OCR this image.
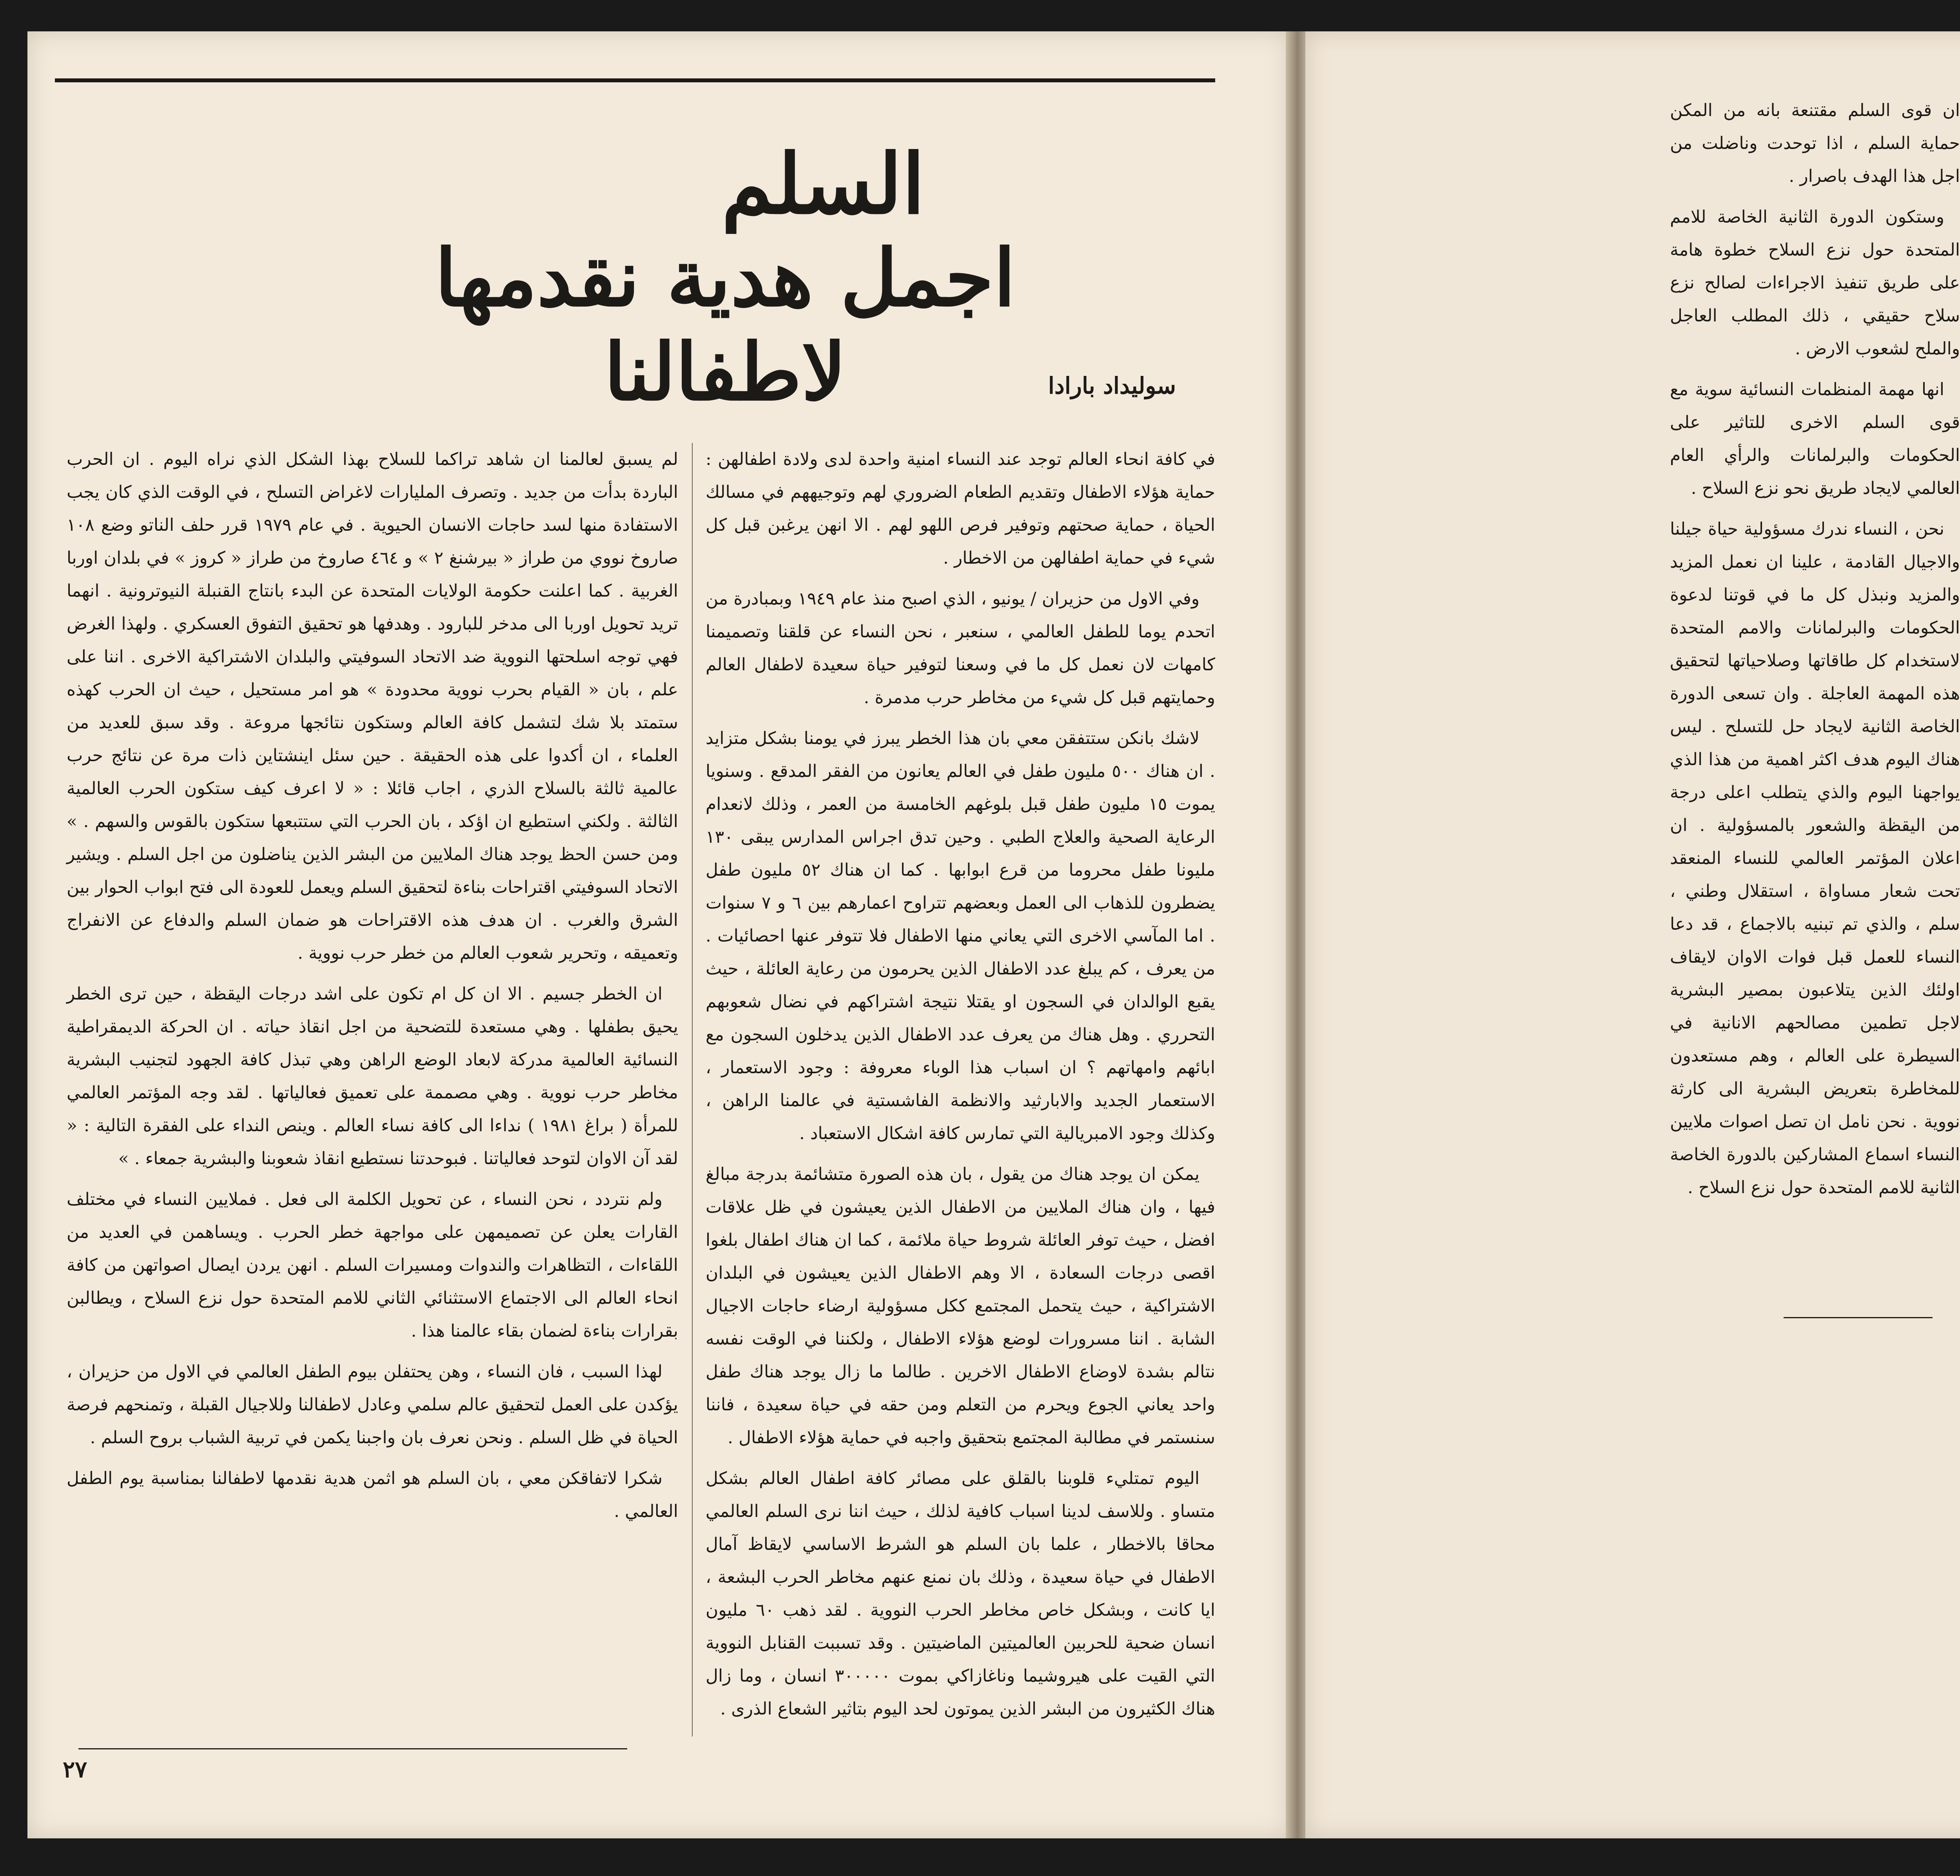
السلم
اجمل هدية نقدمها لاطفالنا	سوليداد بارادا

في كافة انحاء العالم توجد عند النساء امنية واحدة لدى ولادة اطفالهن : حماية هؤلاء الاطفال وتقديم الطعام الضروري لهم وتوجيههم في مسالك الحياة ، حماية صحتهم وتوفير فرص اللهو لهم . الا انهن يرغبن قبل كل شيء في حماية اطفالهن من الاخطار .

وفي الاول من حزيران / يونيو ، الذي اصبح منذ عام ١٩٤٩ وبمبادرة من اتحدم يوما للطفل العالمي ، سنعبر ، نحن النساء عن قلقنا وتصميمنا كامهات لان نعمل كل ما في وسعنا لتوفير حياة سعيدة لاطفال العالم وحمايتهم قبل كل شيء من مخاطر حرب مدمرة .

لاشك بانكن ستتفقن معي بان هذا الخطر يبرز في يومنا بشكل متزايد . ان هناك ٥٠٠ مليون طفل في العالم يعانون من الفقر المدقع . وسنويا يموت ١٥ مليون طفل قبل بلوغهم الخامسة من العمر ، وذلك لانعدام الرعاية الصحية والعلاج الطبي . وحين تدق اجراس المدارس يبقى ١٣٠ مليونا طفل محروما من قرع ابوابها . كما ان هناك ٥٢ مليون طفل يضطرون للذهاب الى العمل وبعضهم تتراوح اعمارهم بين ٦ و ٧ سنوات . اما المآسي الاخرى التي يعاني منها الاطفال فلا تتوفر عنها احصائيات . من يعرف ، كم يبلغ عدد الاطفال الذين يحرمون من رعاية العائلة ، حيث يقبع الوالدان في السجون او يقتلا نتيجة اشتراكهم في نضال شعوبهم التحرري . وهل هناك من يعرف عدد الاطفال الذين يدخلون السجون مع ابائهم وامهاتهم ؟ ان اسباب هذا الوباء معروفة : وجود الاستعمار ، الاستعمار الجديد والابارثيد والانظمة الفاشستية في عالمنا الراهن ، وكذلك وجود الامبريالية التي تمارس كافة اشكال الاستعباد .

يمكن ان يوجد هناك من يقول ، بان هذه الصورة متشائمة بدرجة مبالغ فيها ، وان هناك الملايين من الاطفال الذين يعيشون في ظل علاقات افضل ، حيث توفر العائلة شروط حياة ملائمة ، كما ان هناك اطفال بلغوا اقصى درجات السعادة ، الا وهم الاطفال الذين يعيشون في البلدان الاشتراكية ، حيث يتحمل المجتمع ككل مسؤولية ارضاء حاجات الاجيال الشابة . اننا مسرورات لوضع هؤلاء الاطفال ، ولكننا في الوقت نفسه نتالم بشدة لاوضاع الاطفال الاخرين . طالما ما زال يوجد هناك طفل واحد يعاني الجوع ويحرم من التعلم ومن حقه في حياة سعيدة ، فاننا سنستمر في مطالبة المجتمع بتحقيق واجبه في حماية هؤلاء الاطفال .

اليوم تمتليء قلوبنا بالقلق على مصائر كافة اطفال العالم بشكل متساو . وللاسف لدينا اسباب كافية لذلك ، حيث اننا نرى السلم العالمي محاقا بالاخطار ، علما بان السلم هو الشرط الاساسي لايقاظ آمال الاطفال في حياة سعيدة ، وذلك بان نمنع عنهم مخاطر الحرب البشعة ، ايا كانت ، وبشكل خاص مخاطر الحرب النووية . لقد ذهب ٦٠ مليون انسان ضحية للحربين العالميتين الماضيتين . وقد تسببت القنابل النووية التي القيت على هيروشيما وناغازاكي بموت ٣٠٠٠٠٠ انسان ، وما زال هناك الكثيرون من البشر الذين يموتون لحد اليوم بتاثير الشعاع الذرى .

لم يسبق لعالمنا ان شاهد تراكما للسلاح بهذا الشكل الذي نراه اليوم . ان الحرب الباردة بدأت من جديد . وتصرف المليارات لاغراض التسلح ، في الوقت الذي كان يجب الاستفادة منها لسد حاجات الانسان الحيوية . في عام ١٩٧٩ قرر حلف الناتو وضع ١٠٨ صاروخ نووي من طراز « بيرشنغ ٢ » و ٤٦٤ صاروخ من طراز « كروز » في بلدان اوربا الغربية . كما اعلنت حكومة الولايات المتحدة عن البدء بانتاج القنبلة النيوترونية . انهما تريد تحويل اوربا الى مدخر للبارود . وهدفها هو تحقيق التفوق العسكري . ولهذا الغرض فهي توجه اسلحتها النووية ضد الاتحاد السوفيتي والبلدان الاشتراكية الاخرى . اننا على علم ، بان « القيام بحرب نووية محدودة » هو امر مستحيل ، حيث ان الحرب كهذه ستمتد بلا شك لتشمل كافة العالم وستكون نتائجها مروعة . وقد سبق للعديد من العلماء ، ان أكدوا على هذه الحقيقة . حين سئل اينشتاين ذات مرة عن نتائج حرب عالمية ثالثة بالسلاح الذري ، اجاب قائلا : « لا اعرف كيف ستكون الحرب العالمية الثالثة . ولكني استطيع ان اؤكد ، بان الحرب التي ستتبعها ستكون بالقوس والسهم . » ومن حسن الحظ يوجد هناك الملايين من البشر الذين يناضلون من اجل السلم . ويشير الاتحاد السوفيتي اقتراحات بناءة لتحقيق السلم ويعمل للعودة الى فتح ابواب الحوار بين الشرق والغرب . ان هدف هذه الاقتراحات هو ضمان السلم والدفاع عن الانفراج وتعميقه ، وتحرير شعوب العالم من خطر حرب نووية .

ان الخطر جسيم . الا ان كل ام تكون على اشد درجات اليقظة ، حين ترى الخطر يحيق بطفلها . وهي مستعدة للتضحية من اجل انقاذ حياته . ان الحركة الديمقراطية النسائية العالمية مدركة لابعاد الوضع الراهن وهي تبذل كافة الجهود لتجنيب البشرية مخاطر حرب نووية . وهي مصممة على تعميق فعالياتها . لقد وجه المؤتمر العالمي للمرأة ( براغ ١٩٨١ ) نداءا الى كافة نساء العالم . وينص النداء على الفقرة التالية : « لقد آن الاوان لتوحد فعالياتنا . فبوحدتنا نستطيع انقاذ شعوبنا والبشرية جمعاء . »

ولم نتردد ، نحن النساء ، عن تحويل الكلمة الى فعل . فملايين النساء في مختلف القارات يعلن عن تصميمهن على مواجهة خطر الحرب . ويساهمن في العديد من اللقاءات ، التظاهرات والندوات ومسيرات السلم . انهن يردن ايصال اصواتهن من كافة انحاء العالم الى الاجتماع الاستثنائي الثاني للامم المتحدة حول نزع السلاح ، ويطالبن بقرارات بناءة لضمان بقاء عالمنا هذا .

لهذا السبب ، فان النساء ، وهن يحتفلن بيوم الطفل العالمي في الاول من حزيران ، يؤكدن على العمل لتحقيق عالم سلمي وعادل لاطفالنا وللاجيال القبلة ، وتمنحهم فرصة الحياة في ظل السلم . ونحن نعرف بان واجبنا يكمن في تربية الشباب بروح السلم .

شكرا لاتفاقكن معي ، بان السلم هو اثمن هدية نقدمها لاطفالنا بمناسبة يوم الطفل العالمي .

٢٧

ان قوى السلم مقتنعة بانه من المكن حماية السلم ، اذا توحدت وناضلت من اجل هذا الهدف باصرار .

وستكون الدورة الثانية الخاصة للامم المتحدة حول نزع السلاح خطوة هامة على طريق تنفيذ الاجراءات لصالح نزع سلاح حقيقي ، ذلك المطلب العاجل والملح لشعوب الارض .

انها مهمة المنظمات النسائية سوية مع قوى السلم الاخرى للتاثير على الحكومات والبرلمانات والرأي العام العالمي لايجاد طريق نحو نزع السلاح .

نحن ، النساء ندرك مسؤولية حياة جيلنا والاجيال القادمة ، علينا ان نعمل المزيد والمزيد ونبذل كل ما في قوتنا لدعوة الحكومات والبرلمانات والامم المتحدة لاستخدام كل طاقاتها وصلاحياتها لتحقيق هذه المهمة العاجلة . وان تسعى الدورة الخاصة الثانية لايجاد حل للتسلح . ليس هناك اليوم هدف اكثر اهمية من هذا الذي يواجهنا اليوم والذي يتطلب اعلى درجة من اليقظة والشعور بالمسؤولية . ان اعلان المؤتمر العالمي للنساء المنعقد تحت شعار مساواة ، استقلال وطني ، سلم ، والذي تم تبنيه بالاجماع ، قد دعا النساء للعمل قبل فوات الاوان لايقاف اولئك الذين يتلاعبون بمصير البشرية لاجل تطمين مصالحهم الانانية في السيطرة على العالم ، وهم مستعدون للمخاطرة بتعريض البشرية الى كارثة نووية . نحن نامل ان تصل اصوات ملايين النساء اسماع المشاركين بالدورة الخاصة الثانية للامم المتحدة حول نزع السلاح .
